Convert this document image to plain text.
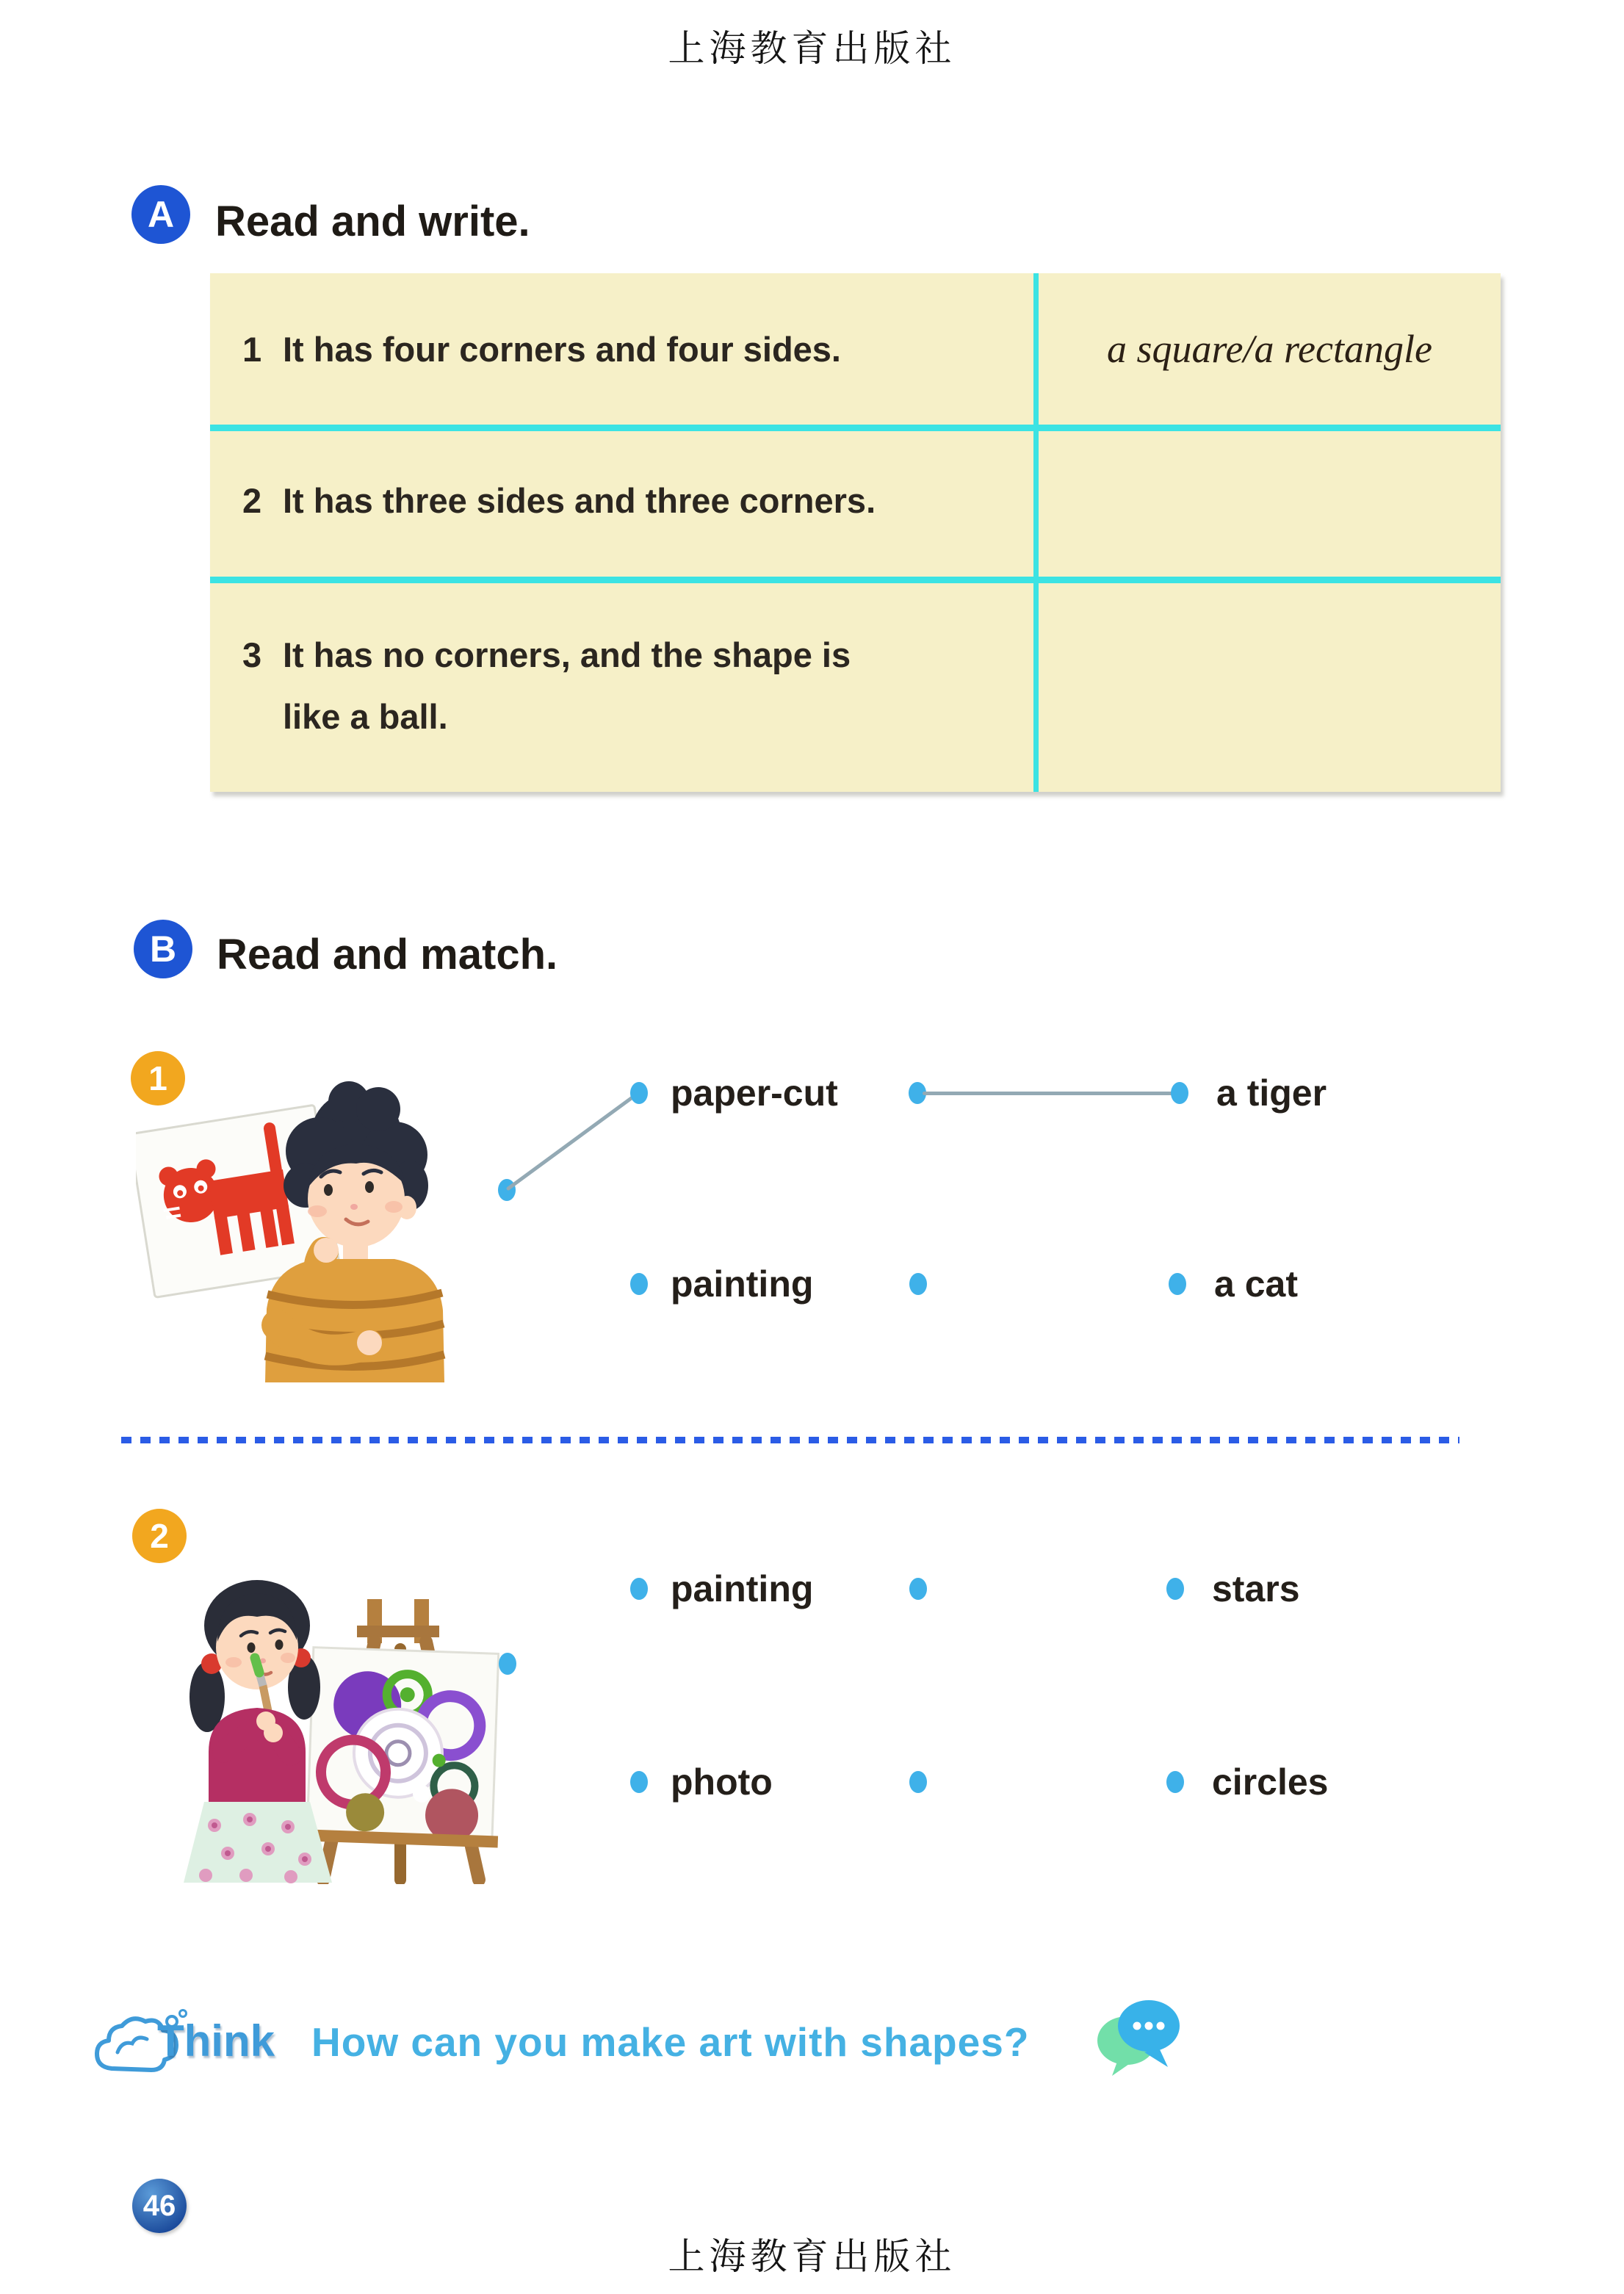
上海教育出版社
A Read and write.
1 It has four corners and four sides.	a square/a rectangle
2 It has three sides and three corners.
3 It has no corners, and the shape is
like a ball.
B Read and match.
1	paper-cut	a tiger
painting	a cat
2
painting	stars
photo	circles
Think How can you make art with shapes?
46
上海教育出版社
